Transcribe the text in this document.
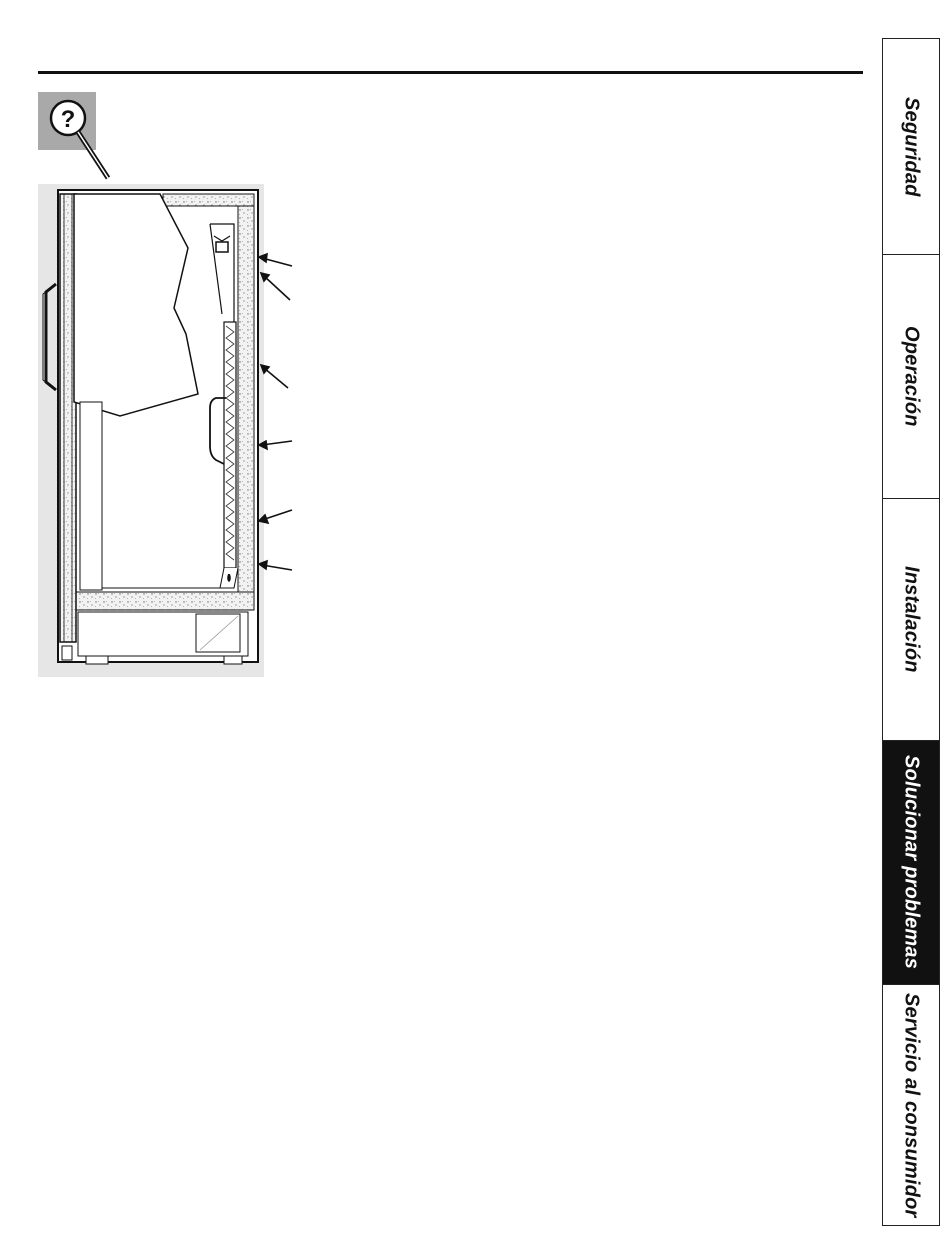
?	Seguridad
Operación
Instalación
Solucionar problemas
Servicio al consumidor
